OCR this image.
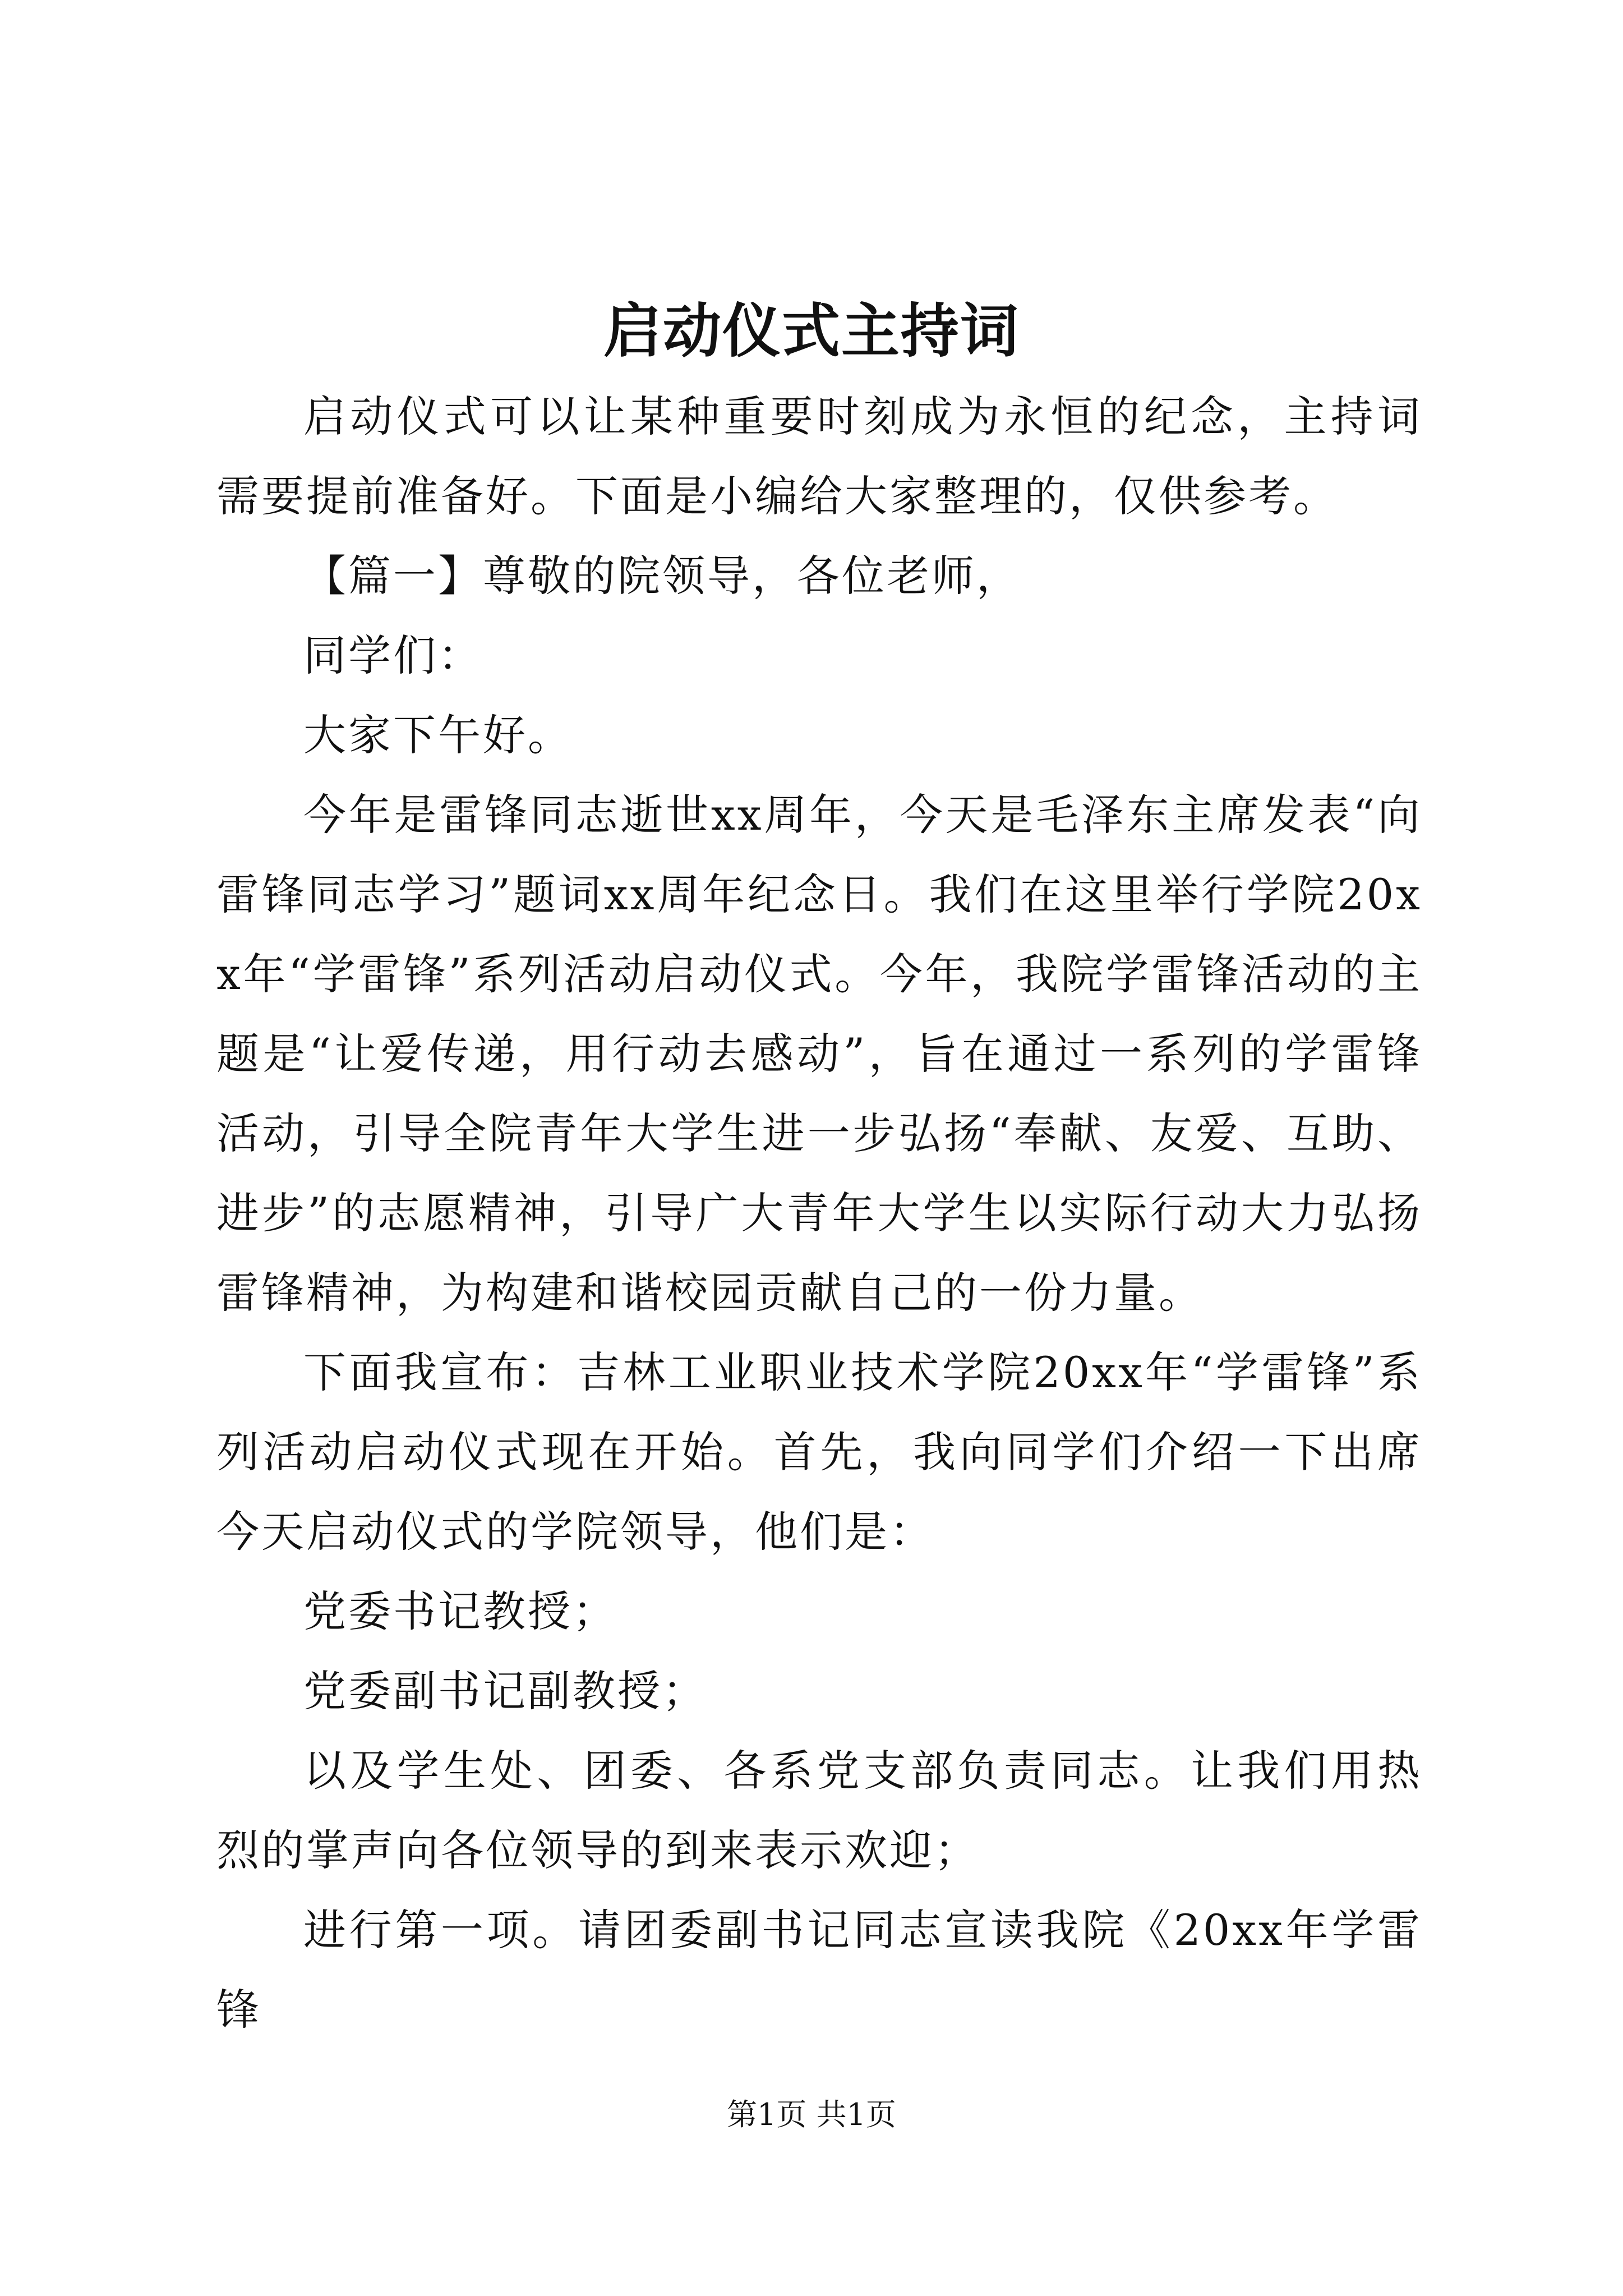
启动仪式主持词

启动仪式可以让某种重要时刻成为永恒的纪念，主持词需要提前准备好。下面是小编给大家整理的，仅供参考。

【篇一】尊敬的院领导，各位老师，

同学们：

大家下午好。

今年是雷锋同志逝世xx周年，今天是毛泽东主席发表“向雷锋同志学习”题词xx周年纪念日。我们在这里举行学院20xx年“学雷锋”系列活动启动仪式。今年，我院学雷锋活动的主题是“让爱传递，用行动去感动”，旨在通过一系列的学雷锋活动，引导全院青年大学生进一步弘扬“奉献、友爱、互助、进步”的志愿精神，引导广大青年大学生以实际行动大力弘扬雷锋精神，为构建和谐校园贡献自己的一份力量。

下面我宣布：吉林工业职业技术学院20xx年“学雷锋”系列活动启动仪式现在开始。首先，我向同学们介绍一下出席今天启动仪式的学院领导，他们是：

党委书记教授；

党委副书记副教授；

以及学生处、团委、各系党支部负责同志。让我们用热烈的掌声向各位领导的到来表示欢迎；

进行第一项。请团委副书记同志宣读我院《20xx年学雷锋

第1页 共1页
